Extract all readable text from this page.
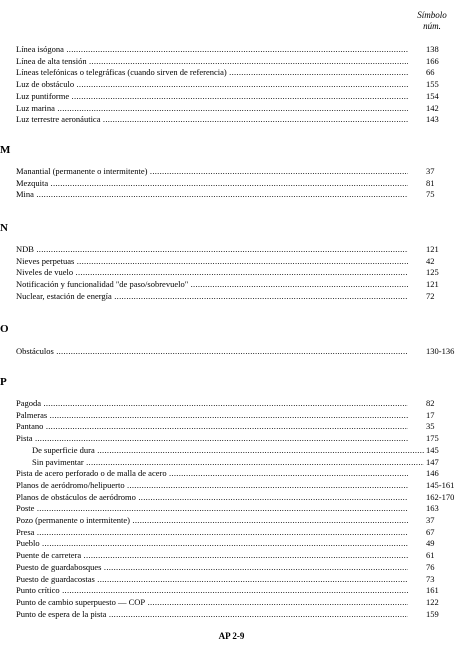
Símbolo
núm.
Línea isógona .....	138
Línea de alta tensión .....	166
Líneas telefónicas o telegráficas (cuando sirven de referencia) .....	66
Luz de obstáculo .....	155
Luz puntiforme .....	154
Luz marina .....	142
Luz terrestre aeronáutica .....	143
M
Manantial (permanente o intermitente) .....	37
Mezquita .....	81
Mina .....	75
N
NDB .....	121
Nieves perpetuas .....	42
Niveles de vuelo .....	125
Notificación y funcionalidad "de paso/sobrevuelo" .....	121
Nuclear, estación de energía .....	72
O
Obstáculos .....	130-136
P
Pagoda .....	82
Palmeras .....	17
Pantano .....	35
Pista .....	175
De superficie dura .....	145
Sin pavimentar .....	147
Pista de acero perforado o de malla de acero .....	146
Planos de aeródromo/helipuerto .....	145-161
Planos de obstáculos de aeródromo .....	162-170
Poste .....	163
Pozo (permanente o intermitente) .....	37
Presa .....	67
Pueblo .....	49
Puente de carretera .....	61
Puesto de guardabosques .....	76
Puesto de guardacostas .....	73
Punto crítico .....	161
Punto de cambio superpuesto — COP .....	122
Punto de espera de la pista .....	159
AP 2-9
